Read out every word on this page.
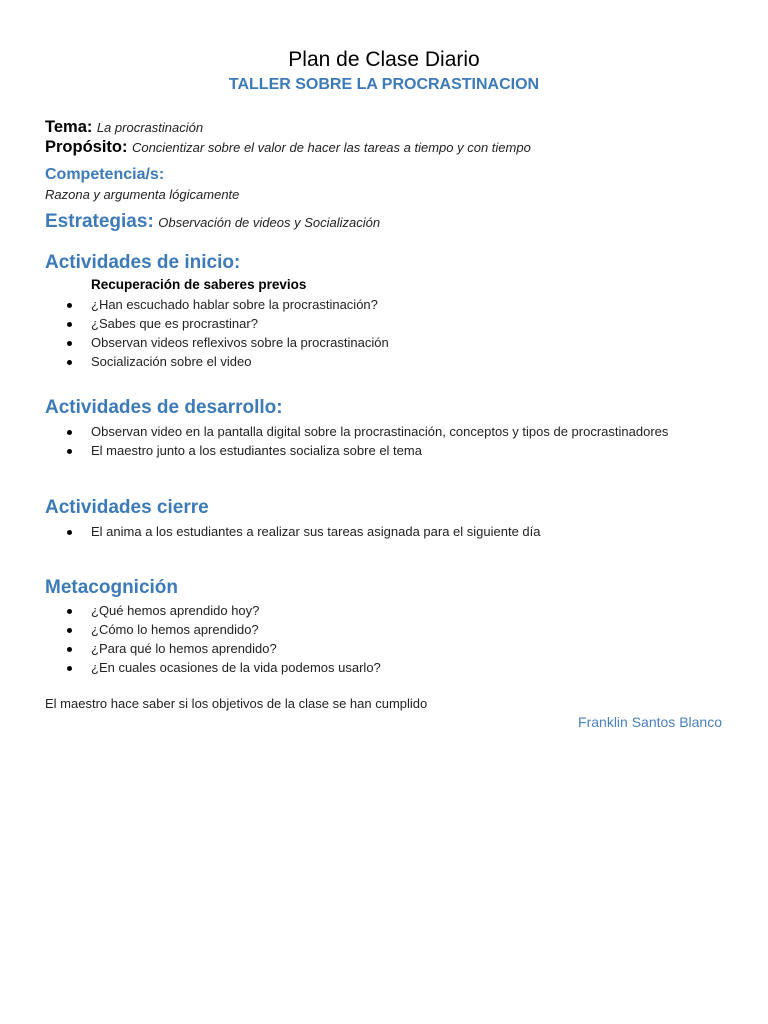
Plan de Clase Diario
TALLER SOBRE LA PROCRASTINACION
Tema: La procrastinación
Propósito: Concientizar sobre el valor de hacer las tareas a tiempo y con tiempo
Competencia/s:
Razona y argumenta lógicamente
Estrategias: Observación de videos y Socialización
Actividades de inicio:
Recuperación de saberes previos
¿Han escuchado hablar sobre la procrastinación?
¿Sabes que es procrastinar?
Observan videos reflexivos sobre la procrastinación
Socialización sobre el video
Actividades de desarrollo:
Observan video en la pantalla digital sobre la procrastinación, conceptos y tipos de procrastinadores
El maestro junto a los estudiantes socializa sobre el tema
Actividades cierre
El anima a los estudiantes a realizar sus tareas asignada para el siguiente día
Metacognición
¿Qué hemos aprendido hoy?
¿Cómo lo hemos aprendido?
¿Para qué lo hemos aprendido?
¿En cuales ocasiones de la vida podemos usarlo?
El maestro hace saber si los objetivos de la clase se han cumplido
Franklin Santos Blanco
